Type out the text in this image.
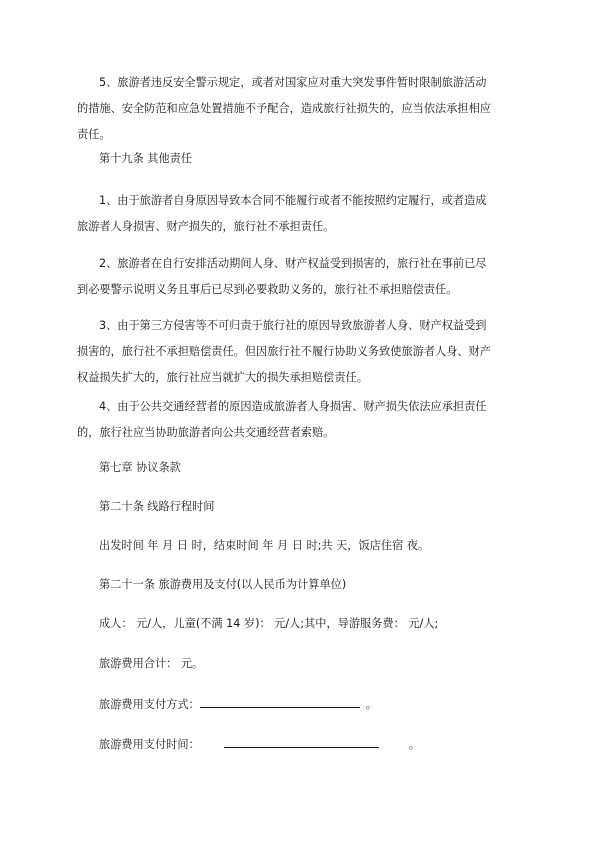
5、旅游者违反安全警示规定，或者对国家应对重大突发事件暂时限制旅游活动
的措施、安全防范和应急处置措施不予配合，造成旅行社损失的，应当依法承担相应
责任。

第十九条 其他责任

1、由于旅游者自身原因导致本合同不能履行或者不能按照约定履行，或者造成
旅游者人身损害、财产损失的，旅行社不承担责任。

2、旅游者在自行安排活动期间人身、财产权益受到损害的，旅行社在事前已尽
到必要警示说明义务且事后已尽到必要救助义务的，旅行社不承担赔偿责任。

3、由于第三方侵害等不可归责于旅行社的原因导致旅游者人身、财产权益受到
损害的，旅行社不承担赔偿责任。但因旅行社不履行协助义务致使旅游者人身、财产
权益损失扩大的，旅行社应当就扩大的损失承担赔偿责任。

4、由于公共交通经营者的原因造成旅游者人身损害、财产损失依法应承担责任
的，旅行社应当协助旅游者向公共交通经营者索赔。

第七章 协议条款

第二十条 线路行程时间

出发时间 年 月 日 时，结束时间 年 月 日 时;共 天，饭店住宿 夜。

第二十一条 旅游费用及支付(以人民币为计算单位)

成人： 元/人，儿童(不满 14 岁)： 元/人;其中，导游服务费： 元/人;

旅游费用合计： 元。

旅游费用支付方式：	。

旅游费用支付时间：	。
